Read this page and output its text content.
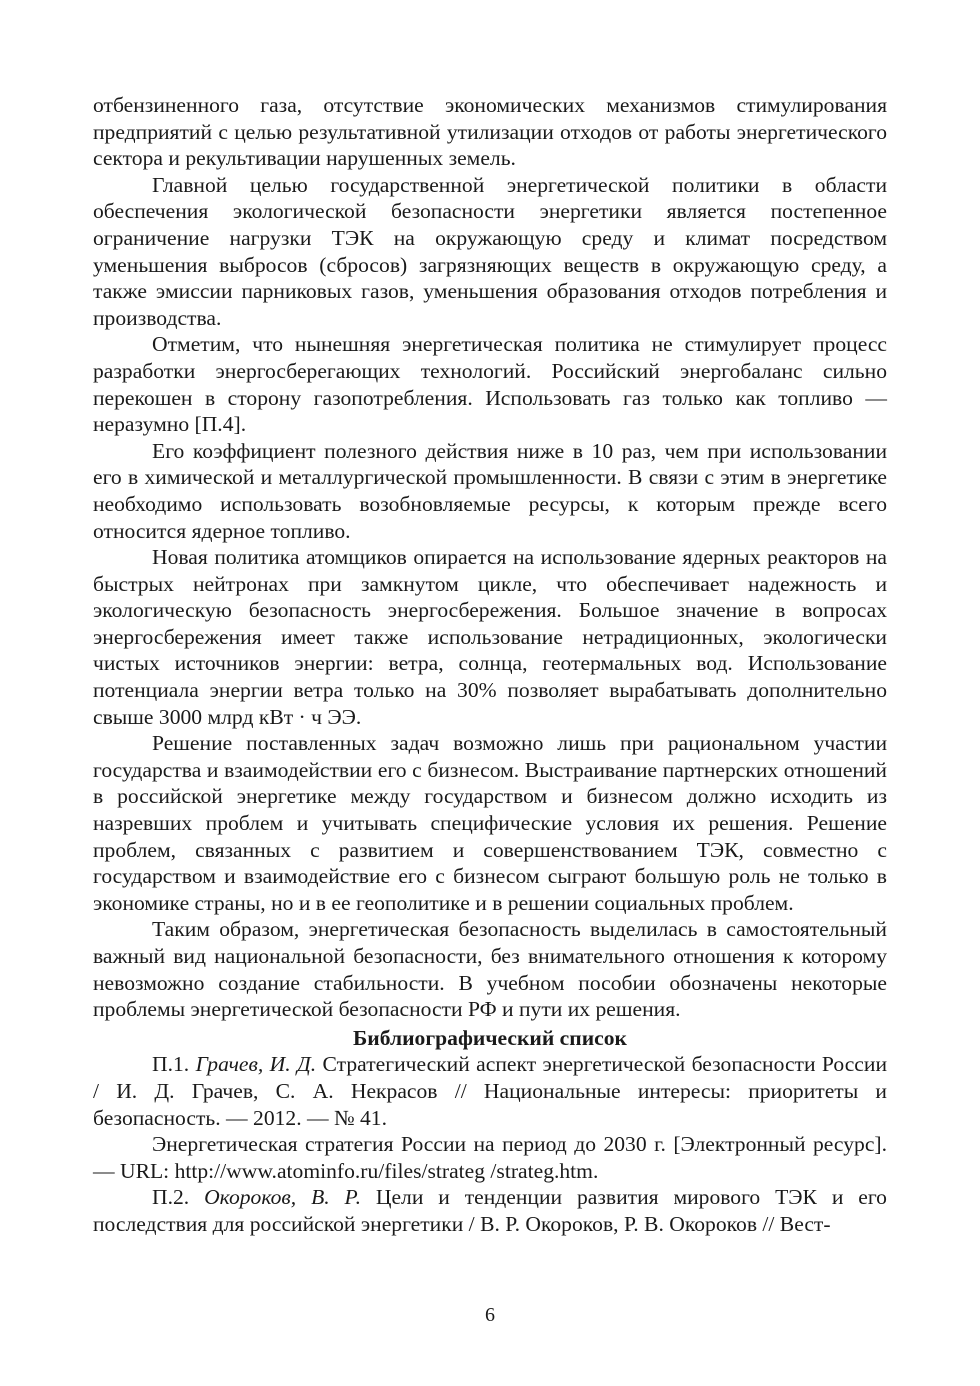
отбензиненного газа, отсутствие экономических механизмов стимулирования предприятий с целью результативной утилизации отходов от работы энергетического сектора и рекультивации нарушенных земель.

Главной целью государственной энергетической политики в области обеспечения экологической безопасности энергетики является постепенное ограничение нагрузки ТЭК на окружающую среду и климат посредством уменьшения выбросов (сбросов) загрязняющих веществ в окружающую среду, а также эмиссии парниковых газов, уменьшения образования отходов потребления и производства.

Отметим, что нынешняя энергетическая политика не стимулирует процесс разработки энергосберегающих технологий. Российский энергобаланс сильно перекошен в сторону газопотребления. Использовать газ только как топливо — неразумно [П.4].

Его коэффициент полезного действия ниже в 10 раз, чем при использовании его в химической и металлургической промышленности. В связи с этим в энергетике необходимо использовать возобновляемые ресурсы, к которым прежде всего относится ядерное топливо.

Новая политика атомщиков опирается на использование ядерных реакторов на быстрых нейтронах при замкнутом цикле, что обеспечивает надежность и экологическую безопасность энергосбережения. Большое значение в вопросах энергосбережения имеет также использование нетрадиционных, экологически чистых источников энергии: ветра, солнца, геотермальных вод. Использование потенциала энергии ветра только на 30% позволяет вырабатывать дополнительно свыше 3000 млрд кВт · ч ЭЭ.

Решение поставленных задач возможно лишь при рациональном участии государства и взаимодействии его с бизнесом. Выстраивание партнерских отношений в российской энергетике между государством и бизнесом должно исходить из назревших проблем и учитывать специфические условия их решения. Решение проблем, связанных с развитием и совершенствованием ТЭК, совместно с государством и взаимодействие его с бизнесом сыграют большую роль не только в экономике страны, но и в ее геополитике и в решении социальных проблем.

Таким образом, энергетическая безопасность выделилась в самостоятельный важный вид национальной безопасности, без внимательного отношения к которому невозможно создание стабильности. В учебном пособии обозначены некоторые проблемы энергетической безопасности РФ и пути их решения.

Библиографический список

П.1. Грачев, И. Д. Стратегический аспект энергетической безопасности России / И. Д. Грачев, С. А. Некрасов // Национальные интересы: приоритеты и безопасность. — 2012. — № 41.

Энергетическая стратегия России на период до 2030 г. [Электронный ресурс]. — URL: http://www.atominfo.ru/files/strateg /strateg.htm.

П.2. Окороков, В. Р. Цели и тенденции развития мирового ТЭК и его последствия для российской энергетики / В. Р. Окороков, Р. В. Окороков // Вест-

6
